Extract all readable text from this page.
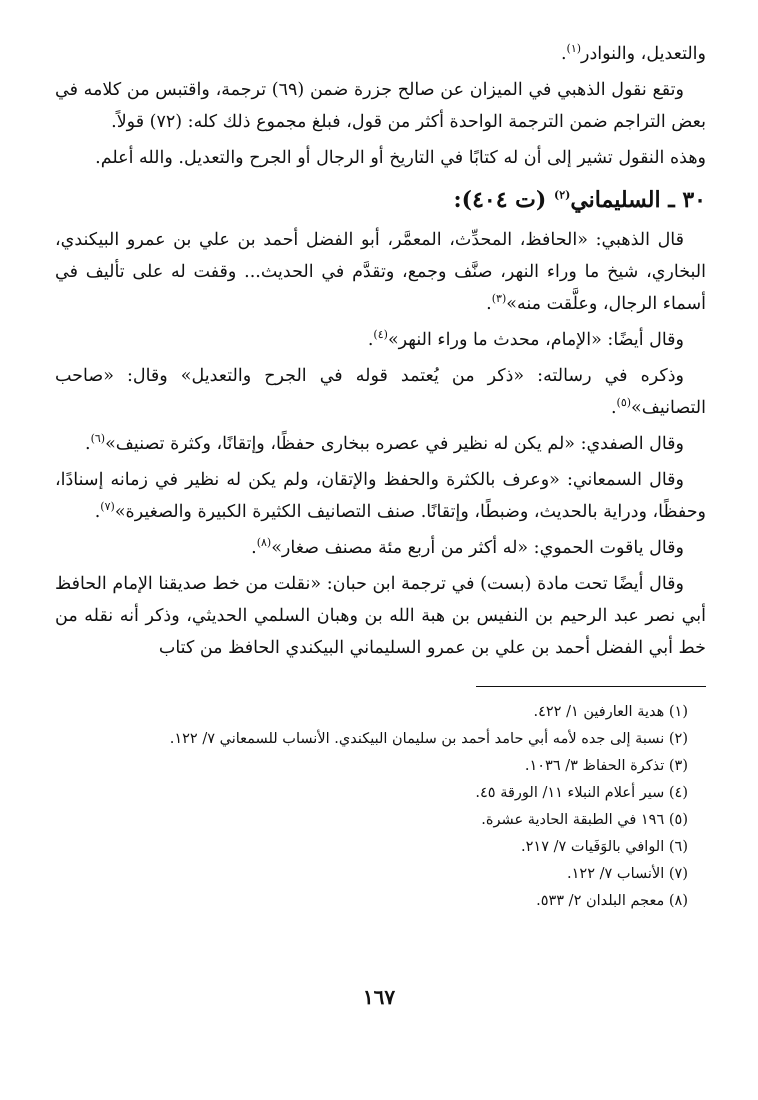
والتعديل، والنوادر$^{(١)}$.

وتقع نقول الذهبي في الميزان عن صالح جزرة ضمن (٦٩) ترجمة، واقتبس من كلامه في بعض التراجم ضمن الترجمة الواحدة أكثر من قول، فبلغ مجموع ذلك كله: (٧٢) قولاً.

وهذه النقول تشير إلى أن له كتابًا في التاريخ أو الرجال أو الجرح والتعديل. والله أعلم.

٣٠ ـ السليماني$^{(٢)}$ (ت ٤٠٤):

قال الذهبي: «الحافظ، المحدِّث، المعمَّر، أبو الفضل أحمد بن علي بن عمرو البيكندي، البخاري، شيخ ما وراء النهر، صنَّف وجمع، وتقدَّم في الحديث... وقفت له على تأليف في أسماء الرجال، وعلَّقت منه»$^{(٣)}$.

وقال أيضًا: «الإمام، محدث ما وراء النهر»$^{(٤)}$.

وذكره في رسالته: «ذكر من يُعتمد قوله في الجرح والتعديل» وقال: «صاحب التصانيف»$^{(٥)}$.

وقال الصفدي: «لم يكن له نظير في عصره ببخارى حفظًا، وإتقانًا، وكثرة تصنيف»$^{(٦)}$.

وقال السمعاني: «وعرف بالكثرة والحفظ والإتقان، ولم يكن له نظير في زمانه إسنادًا، وحفظًا، ودراية بالحديث، وضبطًا، وإتقانًا. صنف التصانيف الكثيرة الكبيرة والصغيرة»$^{(٧)}$.

وقال ياقوت الحموي: «له أكثر من أربع مئة مصنف صغار»$^{(٨)}$.

وقال أيضًا تحت مادة (بست) في ترجمة ابن حبان: «نقلت من خط صديقنا الإمام الحافظ أبي نصر عبد الرحيم بن النفيس بن هبة الله بن وهبان السلمي الحديثي، وذكر أنه نقله من خط أبي الفضل أحمد بن علي بن عمرو السليماني البيكندي الحافظ من كتاب

(١) هدية العارفين ١/ ٤٢٢.
(٢) نسبة إلى جده لأمه أبي حامد أحمد بن سليمان البيكندي. الأنساب للسمعاني ٧/ ١٢٢.
(٣) تذكرة الحفاظ ٣/ ١٠٣٦.
(٤) سير أعلام النبلاء ١١/ الورقة ٤٥.
(٥) ١٩٦ في الطبقة الحادية عشرة.
(٦) الوافي بالوَفَيات ٧/ ٢١٧.
(٧) الأنساب ٧/ ١٢٢.
(٨) معجم البلدان ٢/ ٥٣٣.
١٦٧
